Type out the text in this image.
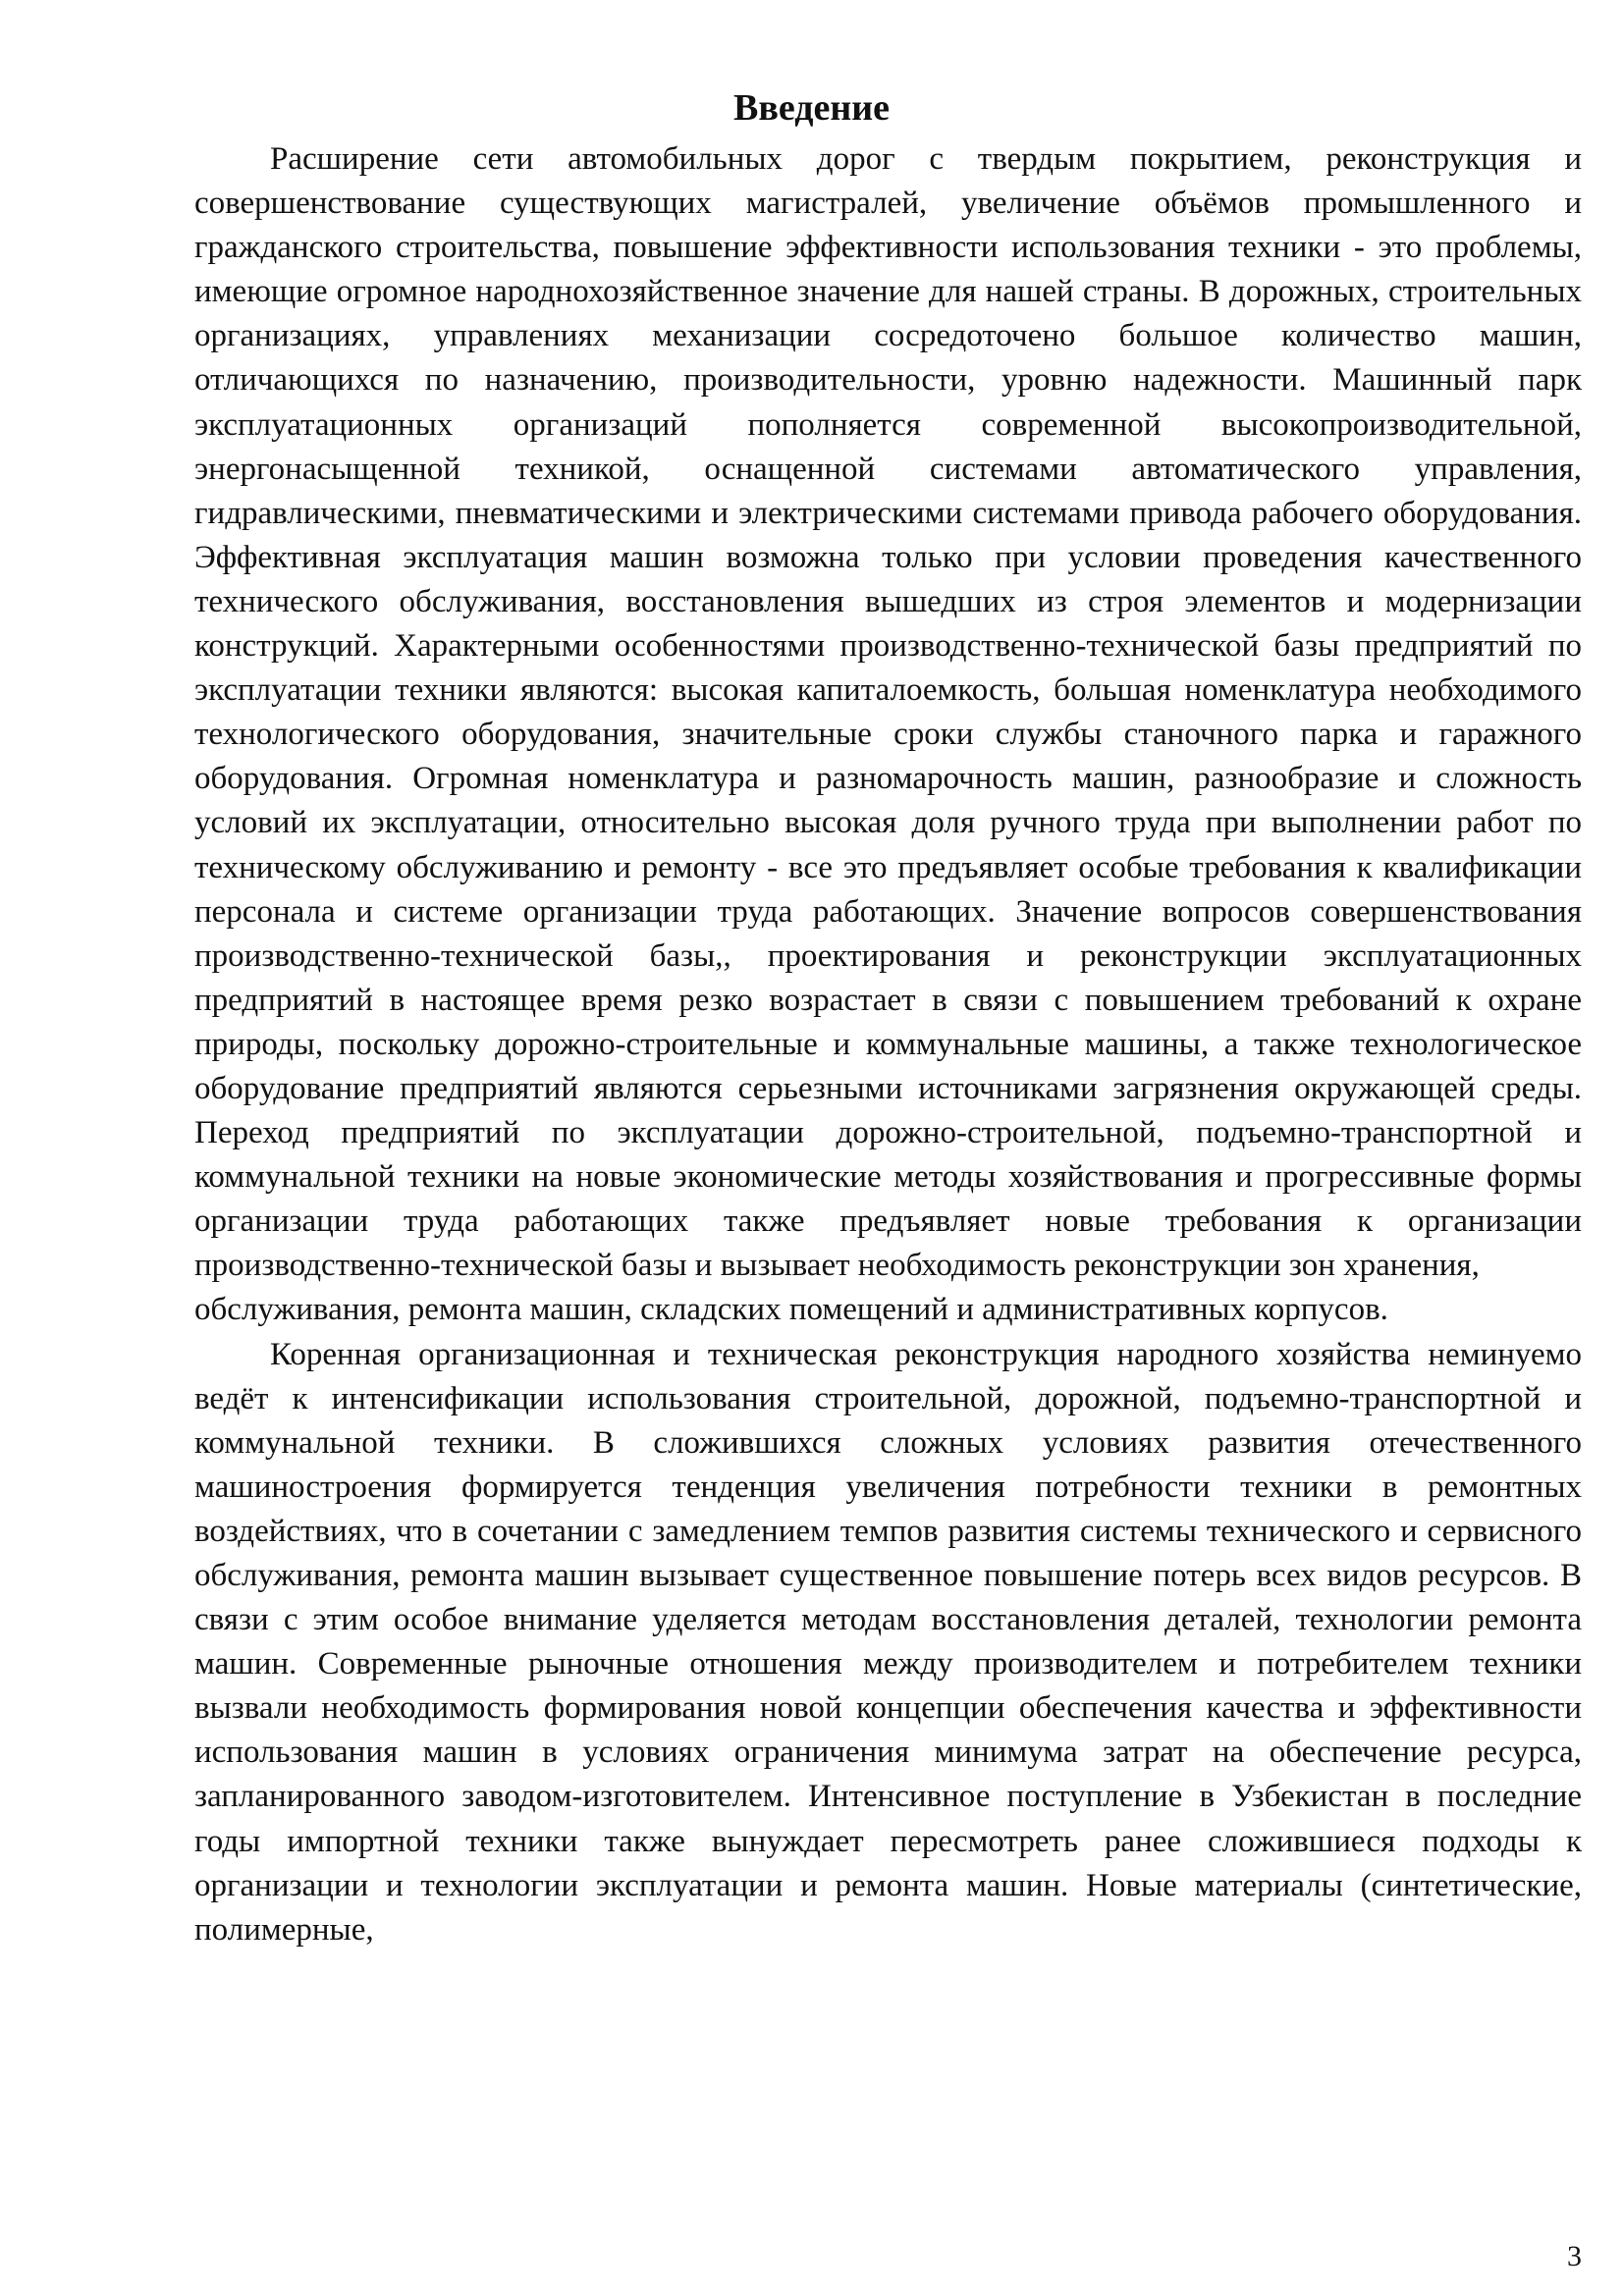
Введение

Расширение сети автомобильных дорог с твердым покрытием, реконструкция и совершенствование существующих магистралей, увеличение объёмов промышленного и гражданского строительства, повышение эффективности использования техники - это проблемы, имеющие огромное народнохозяйственное значение для нашей страны. В дорожных, строительных организациях, управлениях механизации сосредоточено большое количество машин, отличающихся по назначению, производительности, уровню надежности. Машинный парк эксплуатационных организаций пополняется современной высокопроизводительной, энергонасыщенной техникой, оснащенной системами автоматического управления, гидравлическими, пневматическими и электрическими системами привода рабочего оборудования. Эффективная эксплуатация машин возможна только при условии проведения качественного технического обслуживания, восстановления вышедших из строя элементов и модернизации конструкций. Характерными особенностями производственно-технической базы предприятий по эксплуатации техники являются: высокая капиталоемкость, большая номенклатура необходимого технологического оборудования, значительные сроки службы станочного парка и гаражного оборудования. Огромная номенклатура и разномарочность машин, разнообразие и сложность условий их эксплуатации, относительно высокая доля ручного труда при выполнении работ по техническому обслуживанию и ремонту - все это предъявляет особые требования к квалификации персонала и системе организации труда работающих. Значение вопросов совершенствования производственно-технической базы,, проектирования и реконструкции эксплуатационных предприятий в настоящее время резко возрастает в связи с повышением требований к охране природы, поскольку дорожно-строительные и коммунальные машины, а также технологическое оборудование предприятий являются серьезными источниками загрязнения окружающей среды. Переход предприятий по эксплуатации дорожно-строительной, подъемно-транспортной и коммунальной техники на новые экономические методы хозяйствования и прогрессивные формы организации труда работающих также предъявляет новые требования к организации производственно-технической базы и вызывает необходимость реконструкции зон хранения,

обслуживания, ремонта машин, складских помещений и административных корпусов.

Коренная организационная и техническая реконструкция народного хозяйства неминуемо ведёт к интенсификации использования строительной, дорожной, подъемно-транспортной и коммунальной техники. В сложившихся сложных условиях развития отечественного машиностроения формируется тенденция увеличения потребности техники в ремонтных воздействиях, что в сочетании с замедлением темпов развития системы технического и сервисного обслуживания, ремонта машин вызывает существенное повышение потерь всех видов ресурсов. В связи с этим особое внимание уделяется методам восстановления деталей, технологии ремонта машин. Современные рыночные отношения между производителем и потребителем техники вызвали необходимость формирования новой концепции обеспечения качества и эффективности использования машин в условиях ограничения минимума затрат на обеспечение ресурса, запланированного заводом-изготовителем. Интенсивное поступление в Узбекистан в последние годы импортной техники также вынуждает пересмотреть ранее сложившиеся подходы к организации и технологии эксплуатации и ремонта машин. Новые материалы (синтетические, полимерные,

3
